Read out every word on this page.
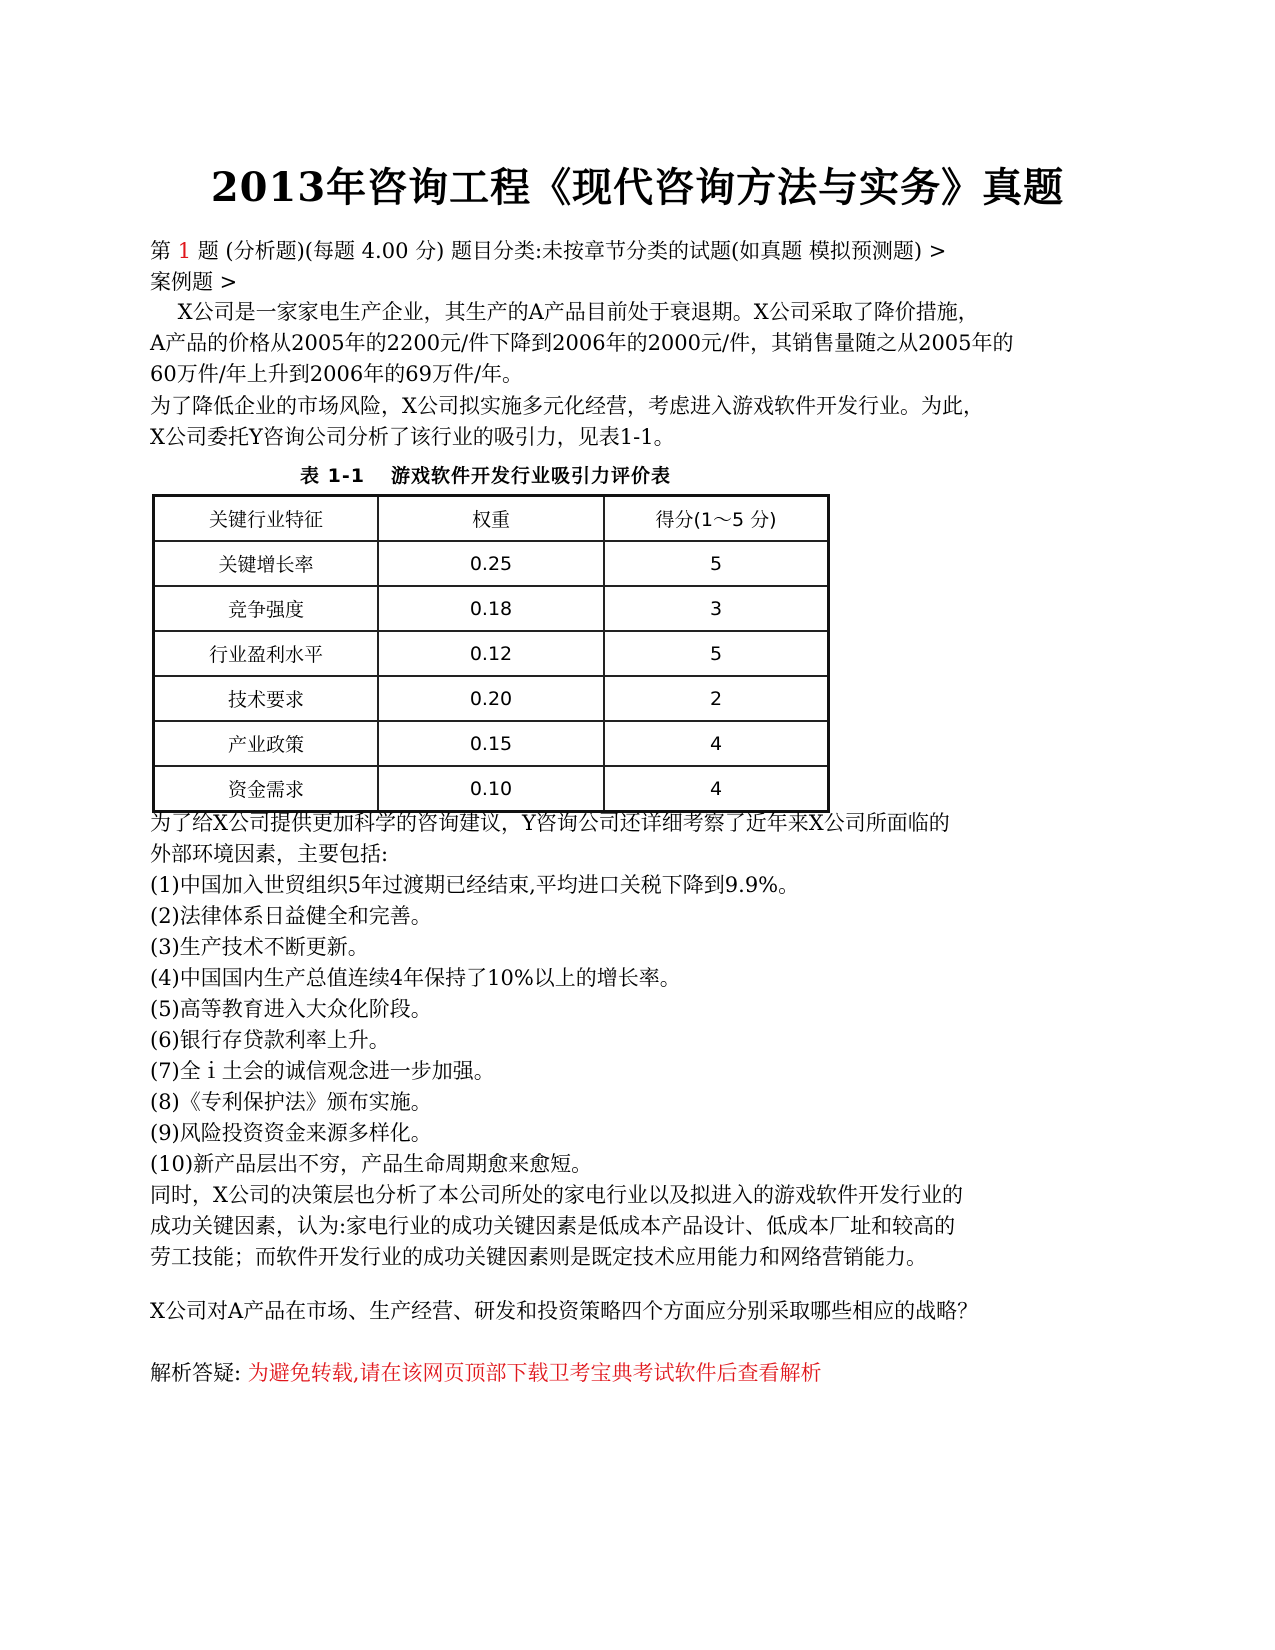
2013年咨询工程《现代咨询方法与实务》真题
第 1 题 (分析题)(每题 4.00 分) 题目分类:未按章节分类的试题(如真题 模拟预测题) >
案例题 >
　 X公司是一家家电生产企业，其生产的A产品目前处于衰退期。X公司采取了降价措施，
A产品的价格从2005年的2200元/件下降到2006年的2000元/件，其销售量随之从2005年的
60万件/年上升到2006年的69万件/年。
为了降低企业的市场风险，X公司拟实施多元化经营，考虑进入游戏软件开发行业。为此，
X公司委托Y咨询公司分析了该行业的吸引力，见表1-1。
表 1-1 游戏软件开发行业吸引力评价表
关键行业特征	权重	得分(1～5 分)
关键增长率	0.25	5
竞争强度	0.18	3
行业盈利水平	0.12	5
技术要求	0.20	2
产业政策	0.15	4
资金需求	0.10	4
为了给X公司提供更加科学的咨询建议，Y咨询公司还详细考察了近年来X公司所面临的
外部环境因素，主要包括:
(1)中国加入世贸组织5年过渡期已经结束,平均进口关税下降到9.9%。
(2)法律体系日益健全和完善。
(3)生产技术不断更新。
(4)中国国内生产总值连续4年保持了10%以上的增长率。
(5)高等教育进入大众化阶段。
(6)银行存贷款利率上升。
(7)全ｉ土会的诚信观念进一步加强。
(8)《专利保护法》颁布实施。
(9)风险投资资金来源多样化。
(10)新产品层出不穷，产品生命周期愈来愈短。
同时，X公司的决策层也分析了本公司所处的家电行业以及拟进入的游戏软件开发行业的
成功关键因素，认为:家电行业的成功关键因素是低成本产品设计、低成本厂址和较高的
劳工技能；而软件开发行业的成功关键因素则是既定技术应用能力和网络营销能力。
X公司对A产品在市场、生产经营、研发和投资策略四个方面应分别采取哪些相应的战略？
解析答疑: 为避免转载,请在该网页顶部下载卫考宝典考试软件后查看解析
